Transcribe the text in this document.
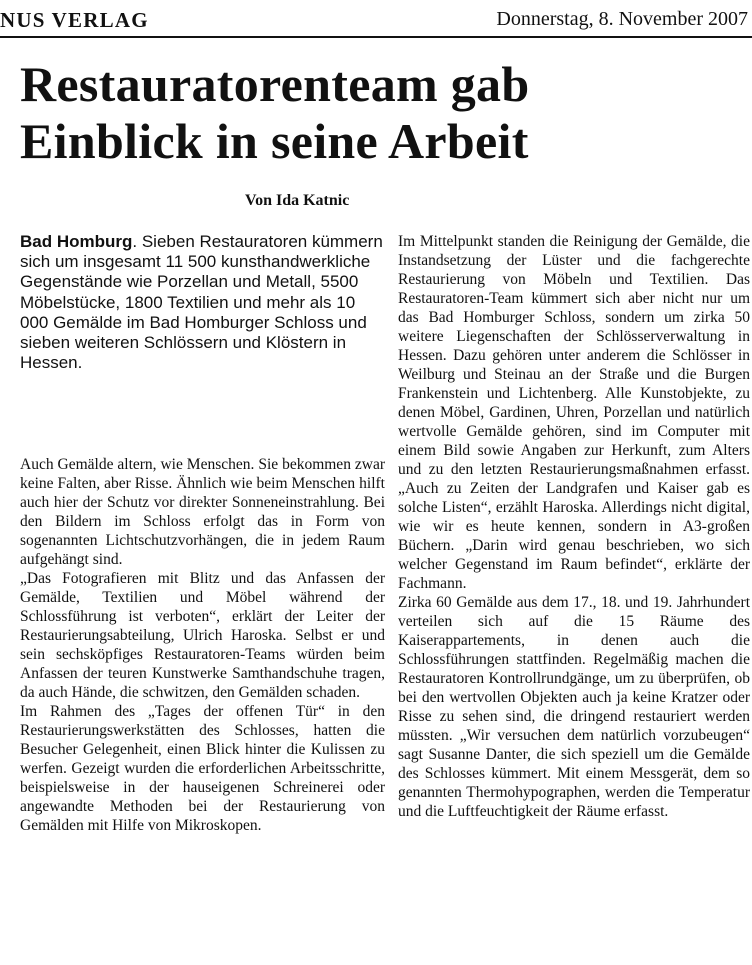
NUS VERLAG	Donnerstag, 8. November 2007
Restauratorenteam gab
Einblick in seine Arbeit
Von Ida Katnic
Bad Homburg. Sieben Restauratoren kümmern sich um insgesamt 11 500 kunsthandwerkliche Gegenstände wie Porzellan und Metall, 5500 Möbelstücke, 1800 Textilien und mehr als 10 000 Gemälde im Bad Homburger Schloss und sieben weiteren Schlössern und Klöstern in Hessen.

Auch Gemälde altern, wie Menschen. Sie bekommen zwar keine Falten, aber Risse. Ähnlich wie beim Menschen hilft auch hier der Schutz vor direkter Sonneneinstrahlung. Bei den Bildern im Schloss erfolgt das in Form von sogenannten Lichtschutzvorhängen, die in jedem Raum aufgehängt sind.

„Das Fotografieren mit Blitz und das Anfassen der Gemälde, Textilien und Möbel während der Schlossführung ist verboten“, erklärt der Leiter der Restaurierungsabteilung, Ulrich Haroska. Selbst er und sein sechsköpfiges Restauratoren-Teams würden beim Anfassen der teuren Kunstwerke Samthandschuhe tragen, da auch Hände, die schwitzen, den Gemälden schaden.

Im Rahmen des „Tages der offenen Tür“ in den Restaurierungswerkstätten des Schlosses, hatten die Besucher Gelegenheit, einen Blick hinter die Kulissen zu werfen. Gezeigt wurden die erforderlichen Arbeitsschritte, beispielsweise in der hauseigenen Schreinerei oder angewandte Methoden bei der Restaurierung von Gemälden mit Hilfe von Mikroskopen.

Im Mittelpunkt standen die Reinigung der Gemälde, die Instandsetzung der Lüster und die fachgerechte Restaurierung von Möbeln und Textilien. Das Restauratoren-Team kümmert sich aber nicht nur um das Bad Homburger Schloss, sondern um zirka 50 weitere Liegenschaften der Schlösserverwaltung in Hessen. Dazu gehören unter anderem die Schlösser in Weilburg und Steinau an der Straße und die Burgen Frankenstein und Lichtenberg. Alle Kunstobjekte, zu denen Möbel, Gardinen, Uhren, Porzellan und natürlich wertvolle Gemälde gehören, sind im Computer mit einem Bild sowie Angaben zur Herkunft, zum Alters und zu den letzten Restaurierungsmaßnahmen erfasst. „Auch zu Zeiten der Landgrafen und Kaiser gab es solche Listen“, erzählt Haroska. Allerdings nicht digital, wie wir es heute kennen, sondern in A3-großen Büchern. „Darin wird genau beschrieben, wo sich welcher Gegenstand im Raum befindet“, erklärte der Fachmann.

Zirka 60 Gemälde aus dem 17., 18. und 19. Jahrhundert verteilen sich auf die 15 Räume des Kaiserappartements, in denen auch die Schlossführungen stattfinden. Regelmäßig machen die Restauratoren Kontrollrundgänge, um zu überprüfen, ob bei den wertvollen Objekten auch ja keine Kratzer oder Risse zu sehen sind, die dringend restauriert werden müssten. „Wir versuchen dem natürlich vorzubeugen“ sagt Susanne Danter, die sich speziell um die Gemälde des Schlosses kümmert. Mit einem Messgerät, dem so genannten Thermohypographen, werden die Temperatur und die Luftfeuchtigkeit der Räume erfasst.
